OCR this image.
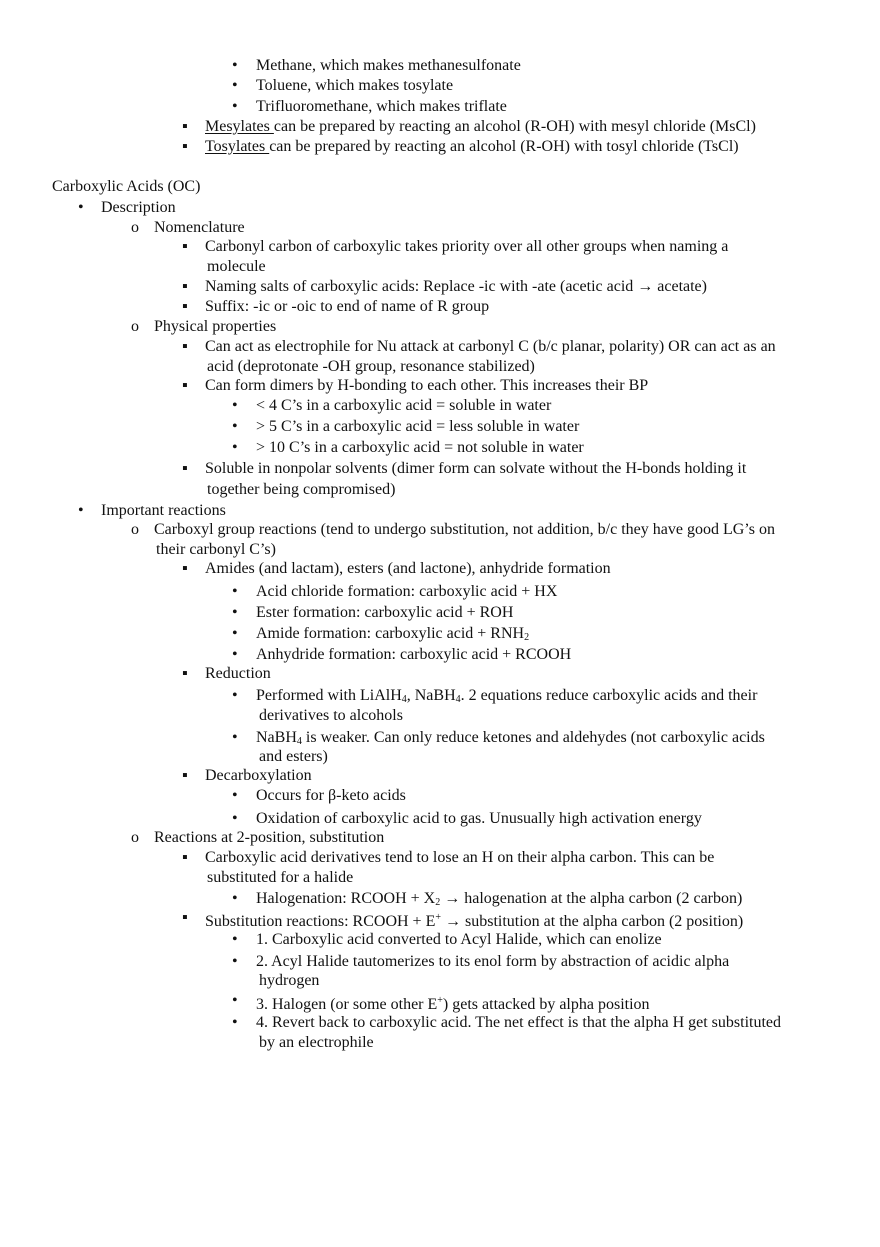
• Methane, which makes methanesulfonate
• Toluene, which makes tosylate
• Trifluoromethane, which makes triflate
▪ Mesylates can be prepared by reacting an alcohol (R-OH) with mesyl chloride (MsCl)
▪ Tosylates can be prepared by reacting an alcohol (R-OH) with tosyl chloride (TsCl)
Carboxylic Acids (OC)
• Description
o Nomenclature
▪ Carbonyl carbon of carboxylic takes priority over all other groups when naming a
molecule
▪ Naming salts of carboxylic acids: Replace -ic with -ate (acetic acid → acetate)
▪ Suffix: -ic or -oic to end of name of R group
o Physical properties
▪ Can act as electrophile for Nu attack at carbonyl C (b/c planar, polarity) OR can act as an
acid (deprotonate -OH group, resonance stabilized)
▪ Can form dimers by H-bonding to each other. This increases their BP
• < 4 C’s in a carboxylic acid = soluble in water
• > 5 C’s in a carboxylic acid = less soluble in water
• > 10 C’s in a carboxylic acid = not soluble in water
▪ Soluble in nonpolar solvents (dimer form can solvate without the H-bonds holding it
together being compromised)
• Important reactions
o Carboxyl group reactions (tend to undergo substitution, not addition, b/c they have good LG’s on
their carbonyl C’s)
▪ Amides (and lactam), esters (and lactone), anhydride formation
• Acid chloride formation: carboxylic acid + HX
• Ester formation: carboxylic acid + ROH
• Amide formation: carboxylic acid + $RNH_2$
• Anhydride formation: carboxylic acid + RCOOH
▪ Reduction
• Performed with LiAlH$_4$, NaBH$_4$. 2 equations reduce carboxylic acids and their
derivatives to alcohols
• NaBH$_4$ is weaker. Can only reduce ketones and aldehydes (not carboxylic acids
and esters)
▪ Decarboxylation
• Occurs for β-keto acids
• Oxidation of carboxylic acid to gas. Unusually high activation energy
o Reactions at 2-position, substitution
▪ Carboxylic acid derivatives tend to lose an H on their alpha carbon. This can be
substituted for a halide
• Halogenation: RCOOH + $X_2$ → halogenation at the alpha carbon (2 carbon)
▪ Substitution reactions: RCOOH + E+ → substitution at the alpha carbon (2 position)
• 1. Carboxylic acid converted to Acyl Halide, which can enolize
• 2. Acyl Halide tautomerizes to its enol form by abstraction of acidic alpha
hydrogen
• 3. Halogen (or some other E+) gets attacked by alpha position
• 4. Revert back to carboxylic acid. The net effect is that the alpha H get substituted
by an electrophile
